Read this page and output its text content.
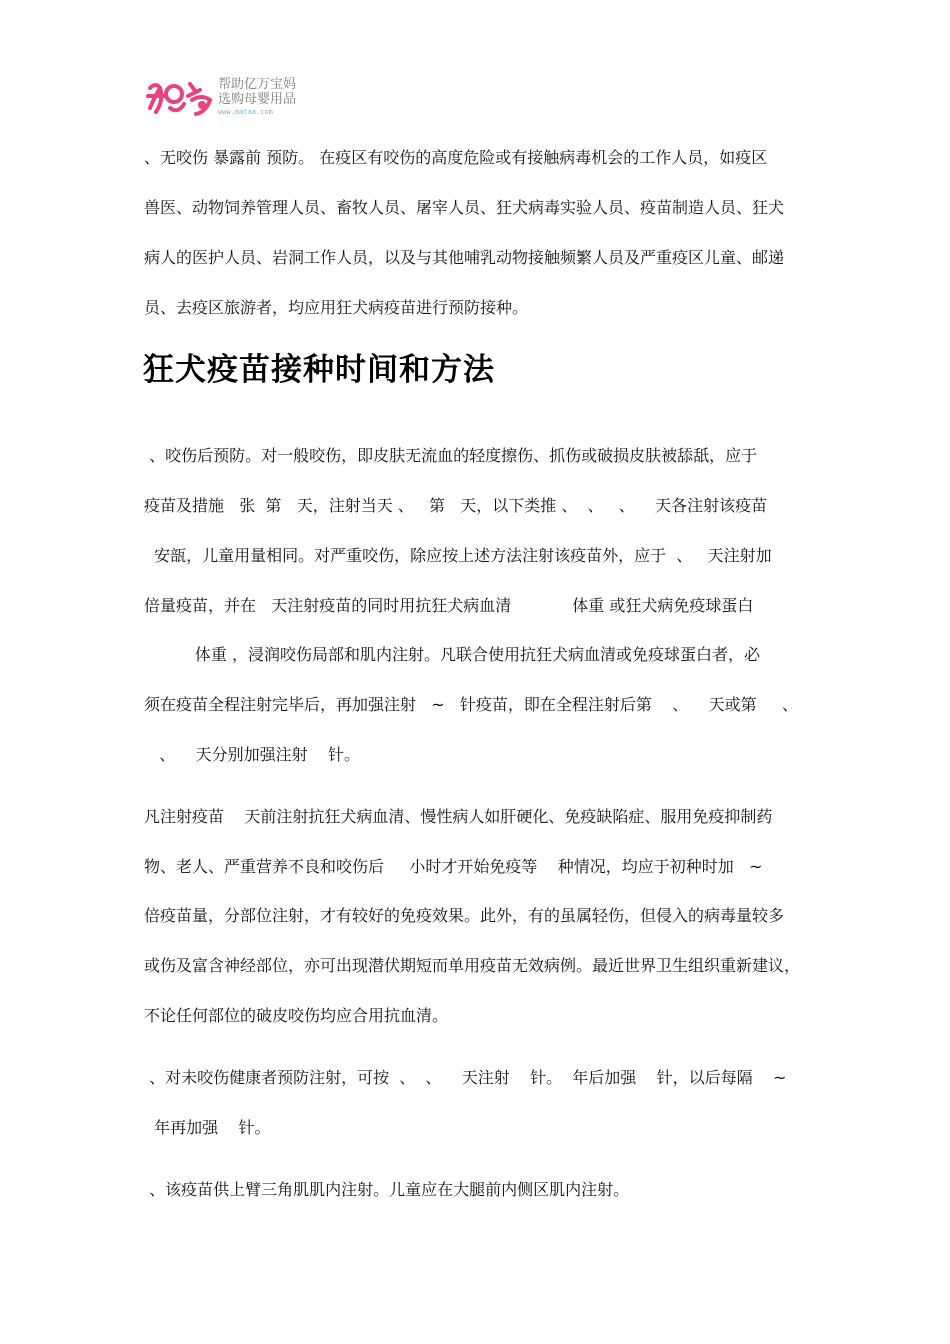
帮助亿万宝妈
选购母婴用品
www.mataa.com
、无咬伤 暴露前 预防。 在疫区有咬伤的高度危险或有接触病毒机会的工作人员，如疫区
兽医、动物饲养管理人员、畜牧人员、屠宰人员、狂犬病毒实验人员、疫苗制造人员、狂犬
病人的医护人员、岩洞工作人员，以及与其他哺乳动物接触频繁人员及严重疫区儿童、邮递
员、去疫区旅游者，均应用狂犬病疫苗进行预防接种。
狂犬疫苗接种时间和方法
、咬伤后预防。对一般咬伤，即皮肤无流血的轻度擦伤、抓伤或破损皮肤被舔舐，应于
疫苗及措施   张  第   天，注射当天 、   第   天，以下类推 、  、   、    天各注射该疫苗
安瓿，儿童用量相同。对严重咬伤，除应按上述方法注射该疫苗外，应于  、   天注射加
倍量疫苗，并在   天注射疫苗的同时用抗狂犬病血清            体重 或狂犬病免疫球蛋白
体重 ，浸润咬伤局部和肌内注射。凡联合使用抗狂犬病血清或免疫球蛋白者，必
须在疫苗全程注射完毕后，再加强注射   ~   针疫苗，即在全程注射后第    、    天或第     、
、    天分别加强注射    针。
凡注射疫苗    天前注射抗狂犬病血清、慢性病人如肝硬化、免疫缺陷症、服用免疫抑制药
物、老人、严重营养不良和咬伤后     小时才开始免疫等    种情况，均应于初种时加   ~
倍疫苗量，分部位注射，才有较好的免疫效果。此外，有的虽属轻伤，但侵入的病毒量较多
或伤及富含神经部位，亦可出现潜伏期短而单用疫苗无效病例。最近世界卫生组织重新建议，
不论任何部位的破皮咬伤均应合用抗血清。
、对未咬伤健康者预防注射，可按  、  、    天注射    针。  年后加强    针，以后每隔    ~
年再加强    针。
、该疫苗供上臂三角肌肌内注射。儿童应在大腿前内侧区肌内注射。
